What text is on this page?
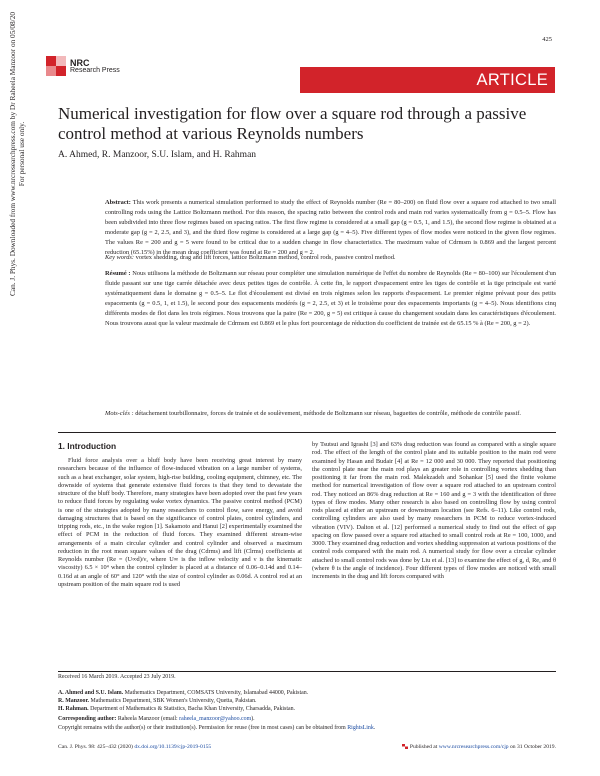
425
NRC
Research Press
ARTICLE
Numerical investigation for flow over a square rod through a passive control method at various Reynolds numbers
A. Ahmed, R. Manzoor, S.U. Islam, and H. Rahman
Can. J. Phys. Downloaded from www.nrcresearchpress.com by Dr Raheela Manzoor on 05/08/20 For personal use only.

Abstract: This work presents a numerical simulation performed to study the effect of Reynolds number (Re = 80–200) on fluid flow over a square rod attached to two small controlling rods using the Lattice Boltzmann method. For this reason, the spacing ratio between the control rods and main rod varies systematically from g = 0.5–5. Flow has been subdivided into three flow regimes based on spacing ratios. The first flow regime is considered at a small gap (g = 0.5, 1, and 1.5), the second flow regime is obtained at a moderate gap (g = 2, 2.5, and 3), and the third flow regime is considered at a large gap (g = 4–5). Five different types of flow modes were noticed in the given flow regimes. The values Re = 200 and g = 5 were found to be critical due to a sudden change in flow characteristics. The maximum value of Cdrmsm is 0.869 and the largest percent reduction (65.15%) in the mean drag coefficient was found at Re = 200 and g = 2.

Key words: vortex shedding, drag and lift forces, lattice Boltzmann method, control rods, passive control method.

Résumé : Nous utilisons la méthode de Boltzmann sur réseau pour compléter une simulation numérique de l'effet du nombre de Reynolds (Re = 80–100) sur l'écoulement d'un fluide passant sur une tige carrée détachée avec deux petites tiges de contrôle. À cette fin, le rapport d'espacement entre les tiges de contrôle et la tige principale est varié systématiquement dans le domaine g = 0.5–5. Le flot d'écoulement est divisé en trois régimes selon les rapports d'espacement. Le premier régime prévaut pour des petits espacements (g = 0.5, 1, et 1.5), le second pour des espacements modérés (g = 2, 2.5, et 3) et le troisième pour des espacements importants (g = 4–5). Nous identifions cinq différents modes de flot dans les trois régimes. Nous trouvons que la paire (Re = 200, g = 5) est critique à cause du changement soudain dans les caractéristiques d'écoulement. Nous trouvons aussi que la valeur maximale de Cdrmsm est 0.869 et le plus fort pourcentage de réduction du coefficient de trainée est de 65.15 % à (Re = 200, g = 2).

Mots-clés : détachement tourbillonnaire, forces de trainée et de soulèvement, méthode de Boltzmann sur réseau, baguettes de contrôle, méthode de contrôle passif.

1. Introduction

Fluid force analysis over a bluff body have been receiving great interest by many researchers because of the influence of flow-induced vibration on a large number of systems, such as a heat exchanger, solar system, high-rise building, cooling equipment, chimney, etc. The downside of systems that generate extensive fluid forces is that they tend to devastate the structure of the bluff body. Therefore, many strategies have been adopted over the past few years to reduce fluid forces by regulating wake vortex dynamics. The passive control method (PCM) is one of the strategies adopted by many researchers to control flow, save energy, and avoid damaging structures that is based on the significance of control plates, control cylinders, and tripping rods, etc., in the wake region [1]. Sakamoto and Hanui [2] experimentally examined the effect of PCM in the reduction of fluid forces. They examined different stream-wise arrangements of a main circular cylinder and control cylinder and observed a maximum reduction in the root mean square values of the drag (Cdrms) and lift (Clrms) coefficients at Reynolds number (Re = (U∞d)/ν, where U∞ is the inflow velocity and ν is the kinematic viscosity) 6.5 × 10⁴ when the control cylinder is placed at a distance of 0.06–0.14d and 0.14–0.16d at an angle of 60° and 120° with the size of control cylinder as 0.06d. A control rod at an upstream position of the main square rod is used

by Tsutsui and Igrashi [3] and 63% drag reduction was found as compared with a single square rod. The effect of the length of the control plate and its suitable position to the main rod were examined by Hasan and Budair [4] at Re = 12 000 and 30 000. They reported that positioning the control plate near the main rod plays an greater role in controlling vortex shedding than positioning it far from the main rod. Malekzadeh and Sohankar [5] used the finite volume method for numerical investigation of flow over a square rod attached to an upstream control rod. They noticed an 86% drag reduction at Re = 160 and g = 3 with the identification of three types of flow modes. Many other research is also based on controlling flow by using control rods placed at either an upstream or downstream location (see Refs. 6–11). Like control rods, controlling cylinders are also used by many researchers in PCM to reduce vortex-induced vibration (VIV). Dalton et al. [12] performed a numerical study to find out the effect of gap spacing on flow passed over a square rod attached to small control rods at Re = 100, 1000, and 3000. They examined drag reduction and vortex shedding suppression at various positions of the control rods compared with the main rod. A numerical study for flow over a circular cylinder attached to small control rods was done by Liu et al. [13] to examine the effect of g, d, Re, and θ (where θ is the angle of incidence). Four different types of flow modes are noticed with small increments in the drag and lift forces compared with

Received 16 March 2019. Accepted 23 July 2019.
A. Ahmed and S.U. Islam. Mathematics Department, COMSATS University, Islamabad 44000, Pakistan.
R. Manzoor. Mathematics Department, SBK Women's University, Quetta, Pakistan.
H. Rahman. Department of Mathematics & Statistics, Bacha Khan University, Charsadda, Pakistan.
Corresponding author: Raheela Manzoor (email: raheela_manzoor@yahoo.com).
Copyright remains with the author(s) or their institution(s). Permission for reuse (free in most cases) can be obtained from RightsLink.
Can. J. Phys. 98: 425–432 (2020) dx.doi.org/10.1139/cjp-2019-0155	Published at www.nrcresearchpress.com/cjp on 31 October 2019.
